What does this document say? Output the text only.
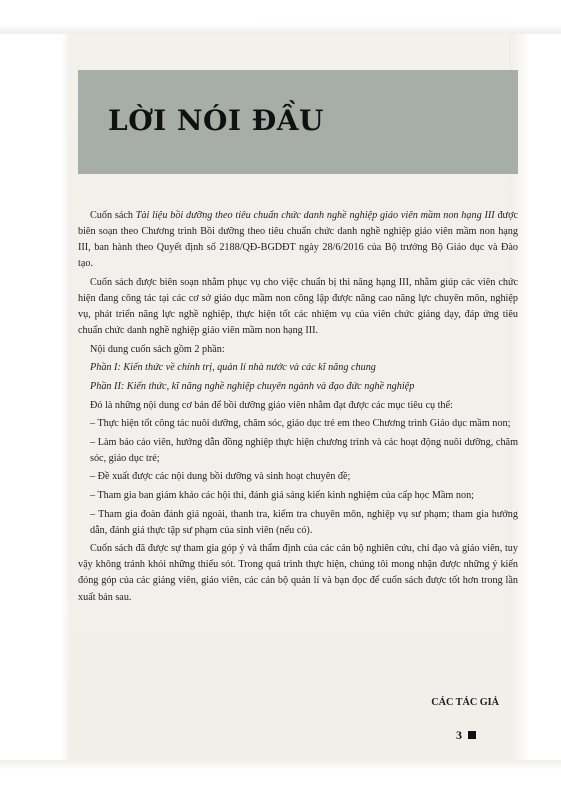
LỜI NÓI ĐẦU

Cuốn sách Tài liệu bồi dưỡng theo tiêu chuẩn chức danh nghề nghiệp giáo viên mầm non hạng III được biên soạn theo Chương trình Bồi dưỡng theo tiêu chuẩn chức danh nghề nghiệp giáo viên mầm non hạng III, ban hành theo Quyết định số 2188/QĐ-BGDĐT ngày 28/6/2016 của Bộ trưởng Bộ Giáo dục và Đào tạo.

Cuốn sách được biên soạn nhằm phục vụ cho việc chuẩn bị thi nâng hạng III, nhằm giúp các viên chức hiện đang công tác tại các cơ sở giáo dục mầm non công lập được nâng cao năng lực chuyên môn, nghiệp vụ, phát triển năng lực nghề nghiệp, thực hiện tốt các nhiệm vụ của viên chức giảng dạy, đáp ứng tiêu chuẩn chức danh nghề nghiệp giáo viên mầm non hạng III.

Nội dung cuốn sách gồm 2 phần:

Phần I: Kiến thức về chính trị, quản lí nhà nước và các kĩ năng chung

Phần II: Kiến thức, kĩ năng nghề nghiệp chuyên ngành và đạo đức nghề nghiệp

Đó là những nội dung cơ bản để bồi dưỡng giáo viên nhằm đạt được các mục tiêu cụ thể:

– Thực hiện tốt công tác nuôi dưỡng, chăm sóc, giáo dục trẻ em theo Chương trình Giáo dục mầm non;

– Làm báo cáo viên, hướng dẫn đồng nghiệp thực hiện chương trình và các hoạt động nuôi dưỡng, chăm sóc, giáo dục trẻ;

– Đề xuất được các nội dung bồi dưỡng và sinh hoạt chuyên đề;

– Tham gia ban giám khảo các hội thi, đánh giá sáng kiến kinh nghiệm của cấp học Mầm non;

– Tham gia đoàn đánh giá ngoài, thanh tra, kiểm tra chuyên môn, nghiệp vụ sư phạm; tham gia hướng dẫn, đánh giá thực tập sư phạm của sinh viên (nếu có).

Cuốn sách đã được sự tham gia góp ý và thẩm định của các cán bộ nghiên cứu, chỉ đạo và giáo viên, tuy vậy không tránh khỏi những thiếu sót. Trong quá trình thực hiện, chúng tôi mong nhận được những ý kiến đóng góp của các giảng viên, giáo viên, các cán bộ quản lí và bạn đọc để cuốn sách được tốt hơn trong lần xuất bản sau.

CÁC TÁC GIẢ
3
